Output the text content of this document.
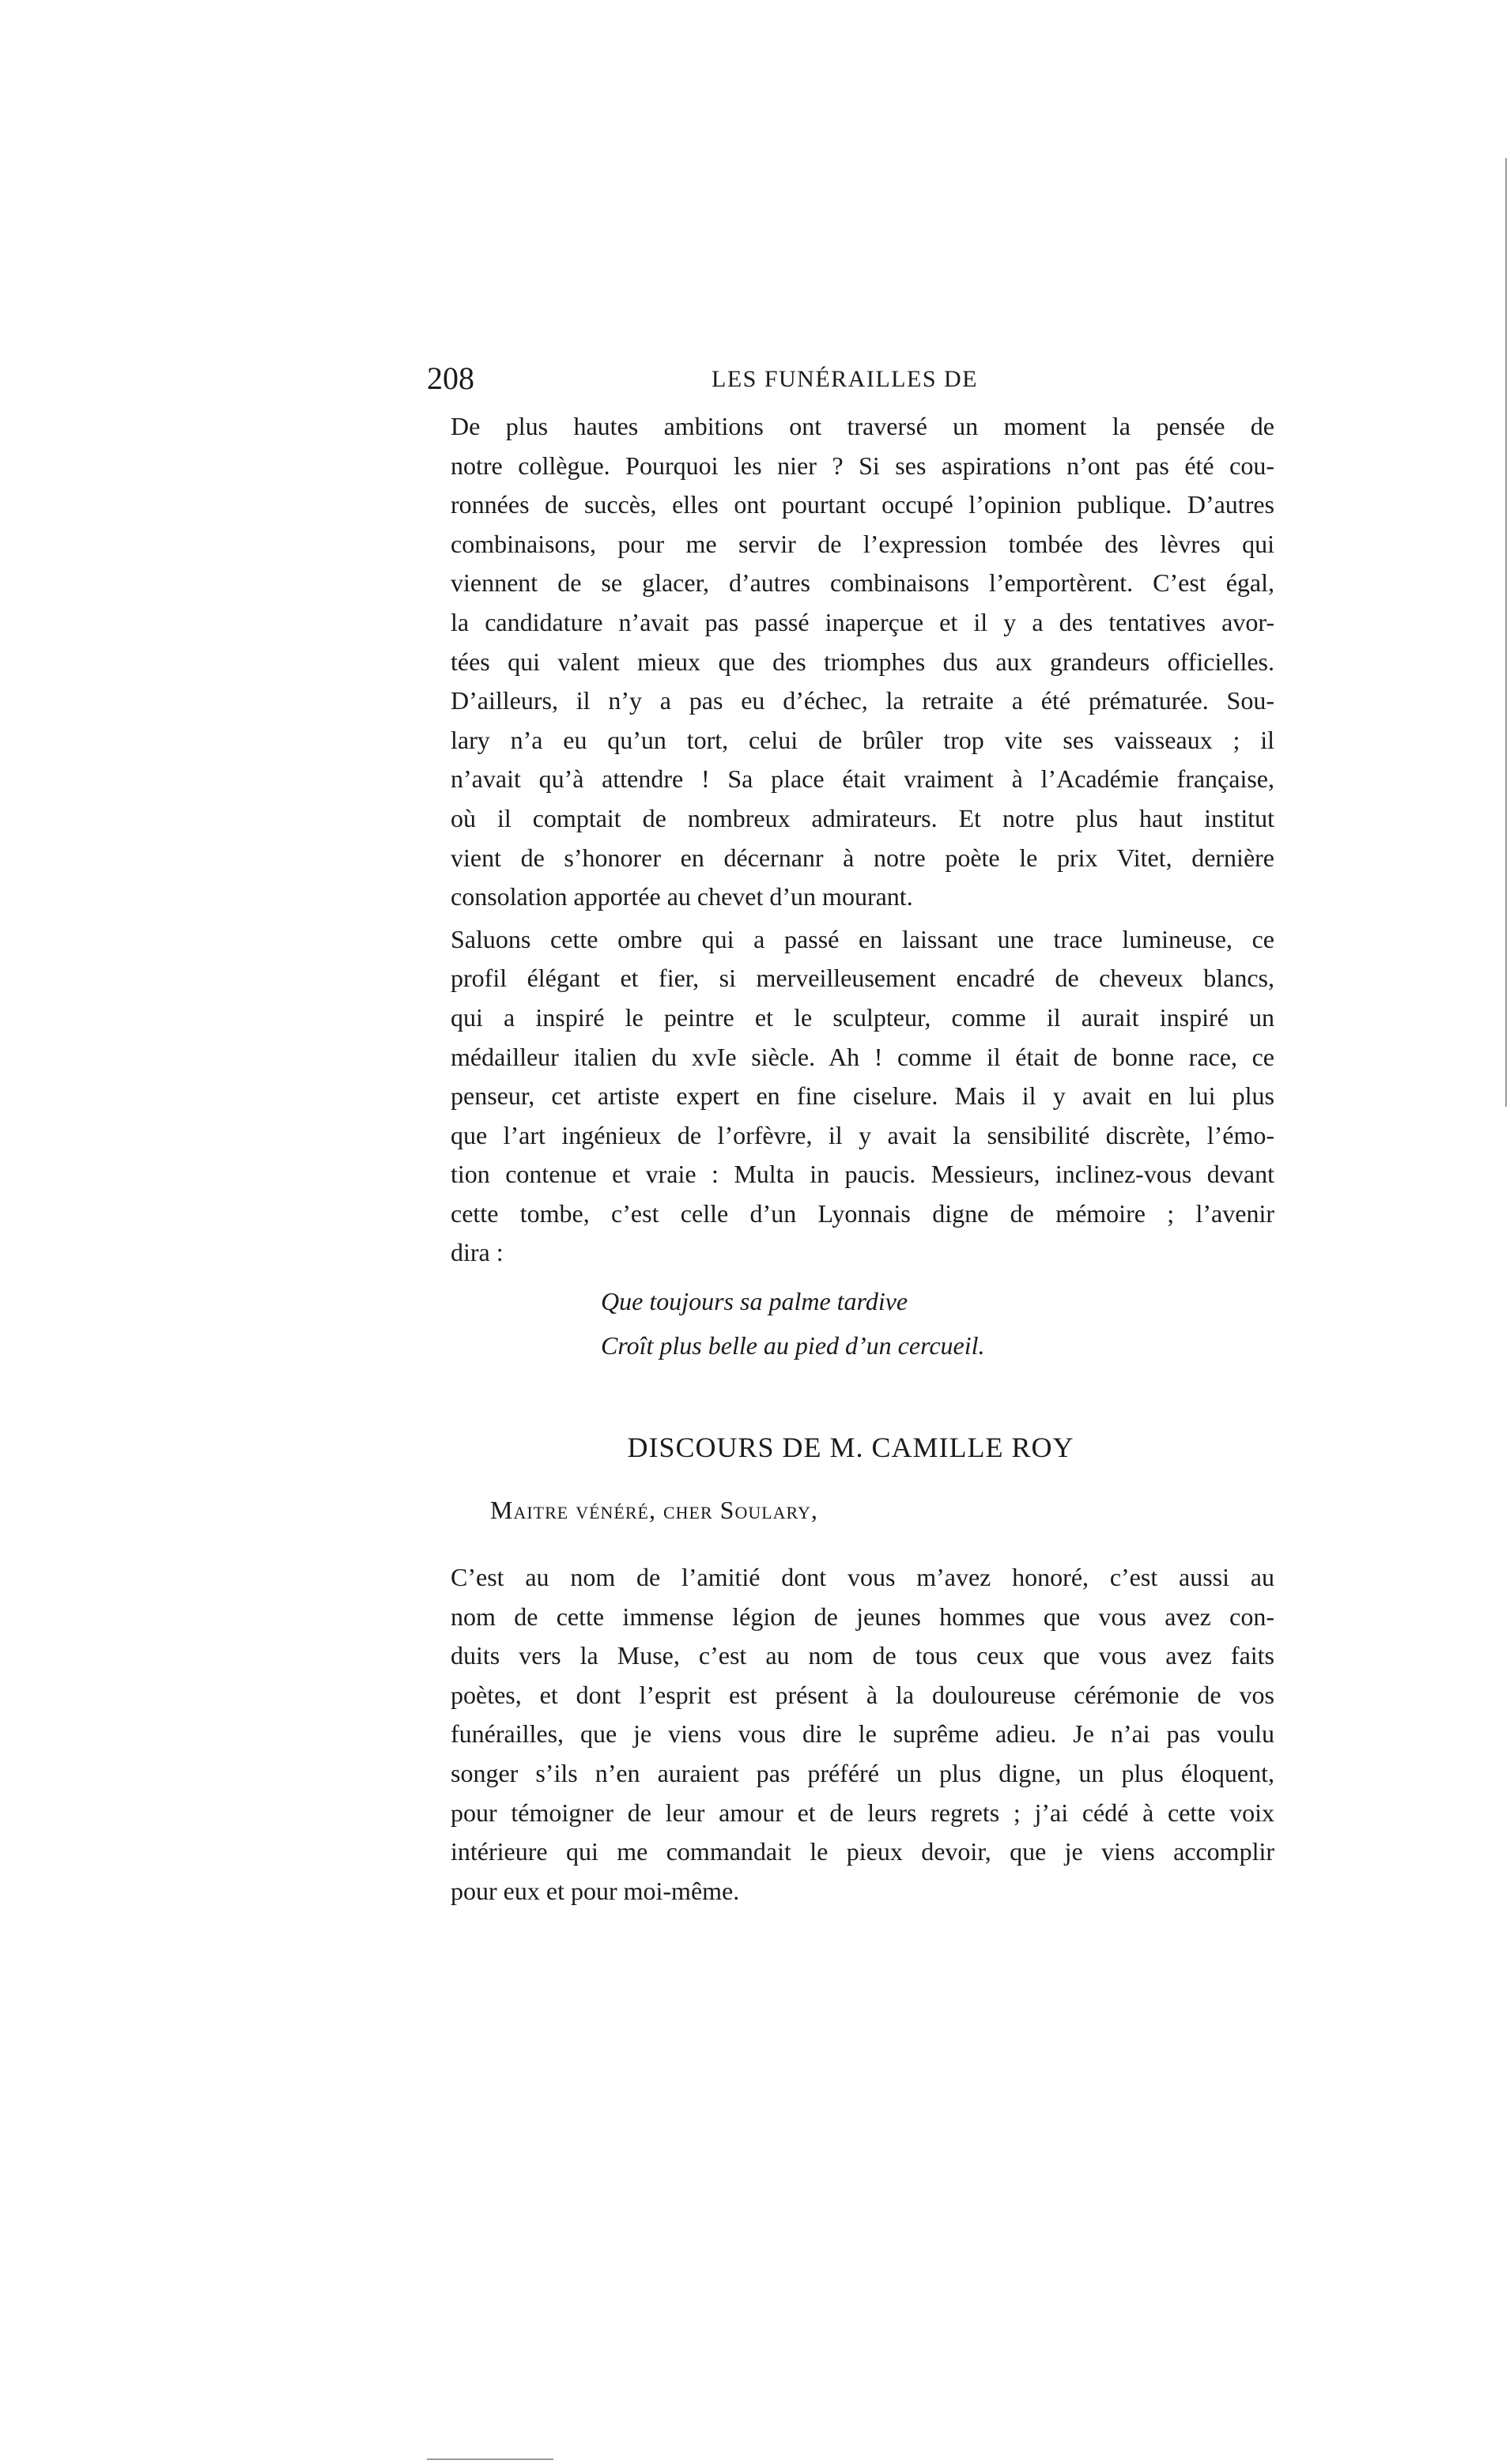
208	LES FUNÉRAILLES DE

De plus hautes ambitions ont traversé un moment la pensée de
notre collègue. Pourquoi les nier ? Si ses aspirations n’ont pas été cou-
ronnées de succès, elles ont pourtant occupé l’opinion publique. D’autres
combinaisons, pour me servir de l’expression tombée des lèvres qui
viennent de se glacer, d’autres combinaisons l’emportèrent. C’est égal,
la candidature n’avait pas passé inaperçue et il y a des tentatives avor-
tées qui valent mieux que des triomphes dus aux grandeurs officielles.
D’ailleurs, il n’y a pas eu d’échec, la retraite a été prématurée. Sou-
lary n’a eu qu’un tort, celui de brûler trop vite ses vaisseaux ; il
n’avait qu’à attendre ! Sa place était vraiment à l’Académie française,
où il comptait de nombreux admirateurs. Et notre plus haut institut
vient de s’honorer en décernanr à notre poète le prix Vitet, dernière
consolation apportée au chevet d’un mourant.

Saluons cette ombre qui a passé en laissant une trace lumineuse, ce
profil élégant et fier, si merveilleusement encadré de cheveux blancs,
qui a inspiré le peintre et le sculpteur, comme il aurait inspiré un
médailleur italien du xvIe siècle. Ah ! comme il était de bonne race, ce
penseur, cet artiste expert en fine ciselure. Mais il y avait en lui plus
que l’art ingénieux de l’orfèvre, il y avait la sensibilité discrète, l’émo-
tion contenue et vraie : Multa in paucis. Messieurs, inclinez-vous devant
cette tombe, c’est celle d’un Lyonnais digne de mémoire ; l’avenir
dira :

Que toujours sa palme tardive
Croît plus belle au pied d’un cercueil.
DISCOURS DE M. CAMILLE ROY
Maitre vénéré, cher Soulary,

C’est au nom de l’amitié dont vous m’avez honoré, c’est aussi au
nom de cette immense légion de jeunes hommes que vous avez con-
duits vers la Muse, c’est au nom de tous ceux que vous avez faits
poètes, et dont l’esprit est présent à la douloureuse cérémonie de vos
funérailles, que je viens vous dire le suprême adieu. Je n’ai pas voulu
songer s’ils n’en auraient pas préféré un plus digne, un plus éloquent,
pour témoigner de leur amour et de leurs regrets ; j’ai cédé à cette voix
intérieure qui me commandait le pieux devoir, que je viens accomplir
pour eux et pour moi-même.
